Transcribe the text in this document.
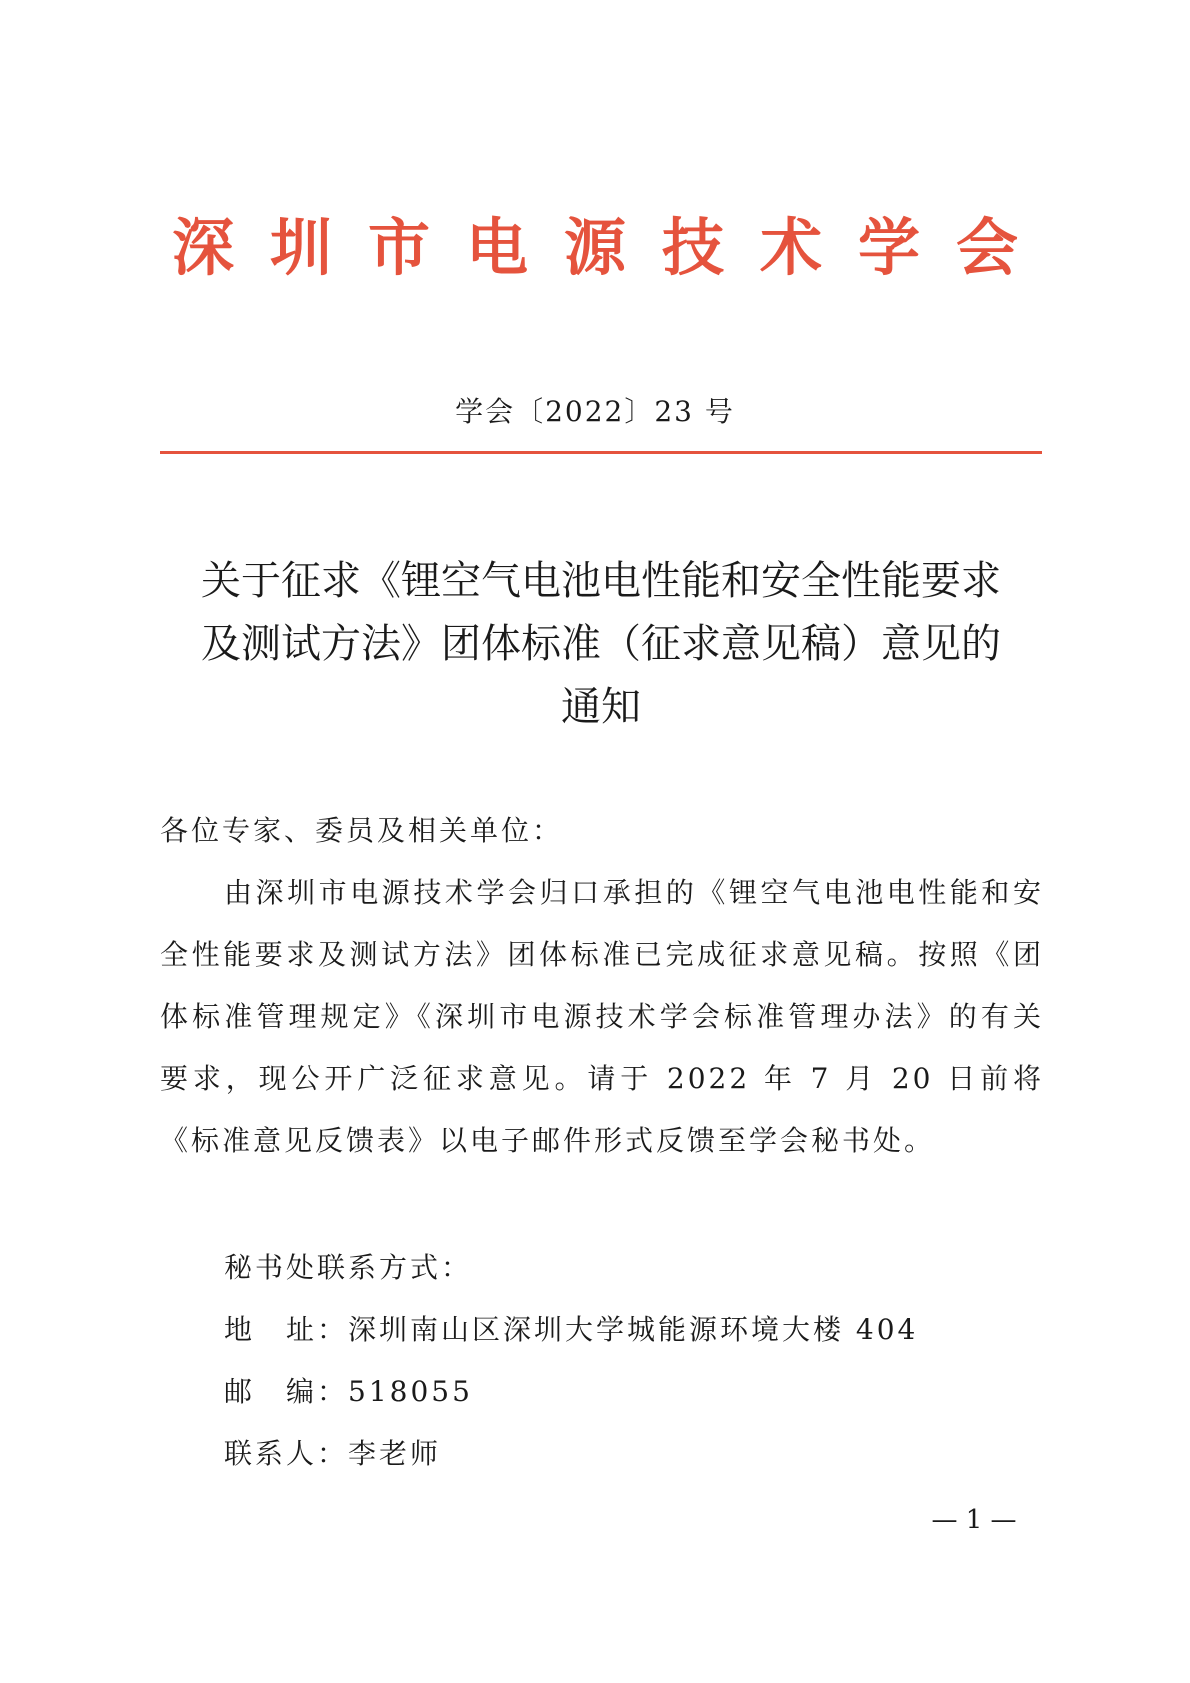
深圳市电源技术学会
学会〔2022〕23 号
关于征求《锂空气电池电性能和安全性能要求
及测试方法》团体标准（征求意见稿）意见的
通知
各位专家、委员及相关单位：
由深圳市电源技术学会归口承担的《锂空气电池电性能和安全性能要求及测试方法》团体标准已完成征求意见稿。按照《团体标准管理规定》《深圳市电源技术学会标准管理办法》的有关要求，现公开广泛征求意见。请于 2022 年 7 月 20 日前将《标准意见反馈表》以电子邮件形式反馈至学会秘书处。
秘书处联系方式：
地　址：深圳南山区深圳大学城能源环境大楼 404
邮　编：518055
联系人：李老师
— 1 —
